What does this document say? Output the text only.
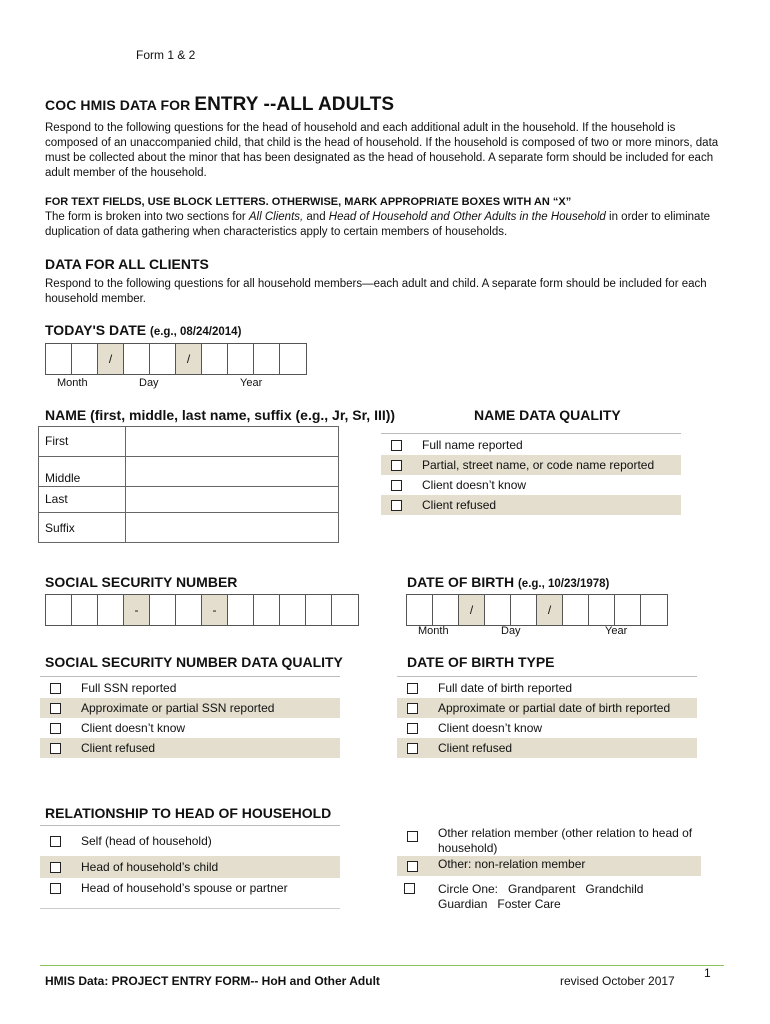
Form 1 & 2
COC HMIS DATA FOR ENTRY --ALL ADULTS
Respond to the following questions for the head of household and each additional adult in the household. If the household is composed of an unaccompanied child, that child is the head of household. If the household is composed of two or more minors, data must be collected about the minor that has been designated as the head of household. A separate form should be included for each adult member of the household.
FOR TEXT FIELDS, USE BLOCK LETTERS. OTHERWISE, MARK APPROPRIATE BOXES WITH AN “X”
The form is broken into two sections for All Clients, and Head of Household and Other Adults in the Household in order to eliminate duplication of data gathering when characteristics apply to certain members of households.
DATA FOR ALL CLIENTS
Respond to the following questions for all household members—each adult and child. A separate form should be included for each household member.
TODAY'S DATE (e.g., 08/24/2014)
/	/
Month	Day	Year
NAME (first, middle, last name, suffix (e.g., Jr, Sr, III))
First	
Middle	
Last	
Suffix	
NAME DATA QUALITY
Full name reported
Partial, street name, or code name reported
Client doesn’t know
Client refused
SOCIAL SECURITY NUMBER
-	-
DATE OF BIRTH (e.g., 10/23/1978)
/	/
Month	Day	Year
SOCIAL SECURITY NUMBER DATA QUALITY
Full SSN reported
Approximate or partial SSN reported
Client doesn’t know
Client refused
DATE OF BIRTH TYPE
Full date of birth reported
Approximate or partial date of birth reported
Client doesn’t know
Client refused
RELATIONSHIP TO HEAD OF HOUSEHOLD
Self (head of household)
Head of household’s child
Head of household’s spouse or partner
Other relation member (other relation to head of household)
Other: non-relation member
Circle One:   Grandparent   Grandchild
Guardian   Foster Care
HMIS Data: PROJECT ENTRY FORM-- HoH and Other Adult	revised October 2017
1
